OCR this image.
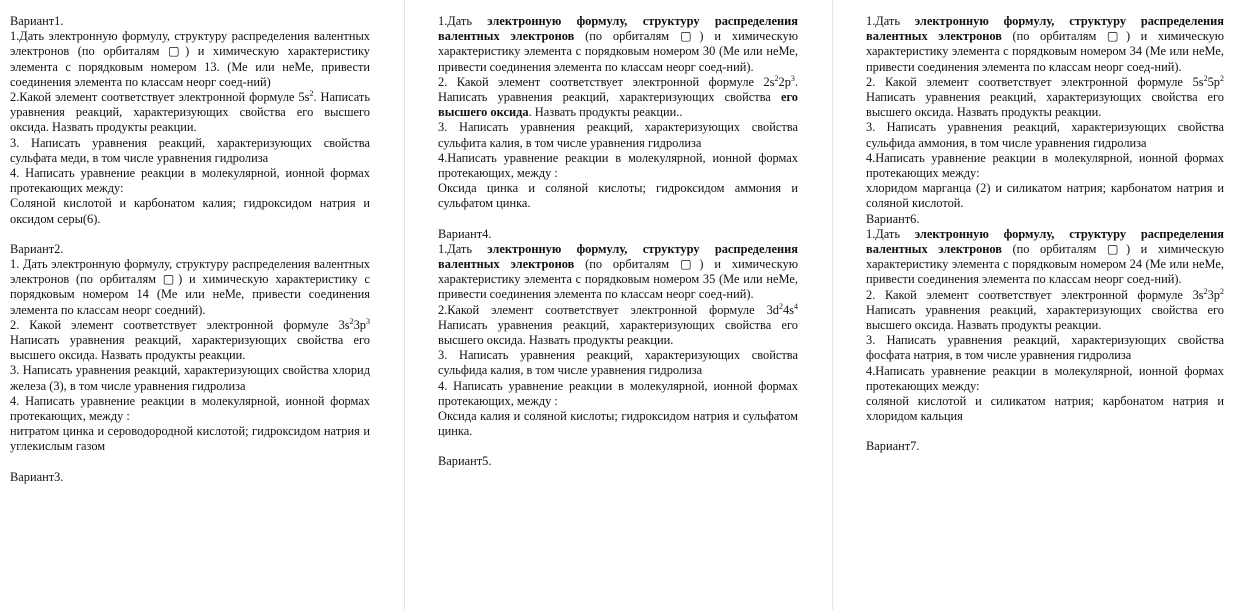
Вариант1.

1.Дать электронную формулу, структуру распределения валентных электронов (по орбиталям ▢) и химическую характеристику элемента с порядковым номером 13. (Ме или неМе, привести соединения элемента по классам неорг соед-ний)

2.Какой элемент соответствует электронной формуле $5s^2$. Написать уравнения реакций, характеризующих свойства его высшего оксида. Назвать продукты реакции.

3. Написать уравнения реакций, характеризующих свойства сульфата меди, в том числе уравнения гидролиза

4. Написать уравнение реакции в молекулярной, ионной формах протекающих между:

Соляной кислотой и карбонатом калия; гидроксидом натрия и оксидом серы(6).

Вариант2.

1. Дать электронную формулу, структуру распределения валентных электронов (по орбиталям ▢) и химическую характеристику с порядковым номером 14 (Ме или неМе, привести соединения элемента по классам неорг соедний).

2. Какой элемент соответствует электронной формуле $3s^23p^3$ Написать уравнения реакций, характеризующих свойства его высшего оксида. Назвать продукты реакции.

3. Написать уравнения реакций, характеризующих свойства хлорид железа (3), в том числе уравнения гидролиза

4. Написать уравнение реакции в молекулярной, ионной формах протекающих, между :

нитратом цинка и сероводородной кислотой; гидроксидом натрия и углекислым газом

Вариант3.

1.Дать электронную формулу, структуру распределения валентных электронов (по орбиталям ▢) и химическую характеристику элемента с порядковым номером 30 (Ме или неМе, привести соединения элемента по классам неорг соед-ний).

2. Какой элемент соответствует электронной формуле $2s^22p^3$. Написать уравнения реакций, характеризующих свойства его высшего оксида. Назвать продукты реакции..

3. Написать уравнения реакций, характеризующих свойства сульфита калия, в том числе уравнения гидролиза

4.Написать уравнение реакции в молекулярной, ионной формах протекающих, между :

Оксида цинка и соляной кислоты; гидроксидом аммония и сульфатом цинка.

Вариант4.

1.Дать электронную формулу, структуру распределения валентных электронов (по орбиталям ▢) и химическую характеристику элемента с порядковым номером 35 (Ме или неМе, привести соединения элемента по классам неорг соед-ний).

2.Какой элемент соответствует электронной формуле $3d^24s^4$ Написать уравнения реакций, характеризующих свойства его высшего оксида. Назвать продукты реакции.

3. Написать уравнения реакций, характеризующих свойства сульфида калия, в том числе уравнения гидролиза

4. Написать уравнение реакции в молекулярной, ионной формах протекающих, между :

Оксида калия и соляной кислоты; гидроксидом натрия и сульфатом цинка.

Вариант5.

1.Дать электронную формулу, структуру распределения валентных электронов (по орбиталям ▢) и химическую характеристику элемента с порядковым номером 34 (Ме или неМе, привести соединения элемента по классам неорг соед-ний).

2. Какой элемент соответствует электронной формуле $5s^25p^2$ Написать уравнения реакций, характеризующих свойства его высшего оксида. Назвать продукты реакции.

3. Написать уравнения реакций, характеризующих свойства сульфида аммония, в том числе уравнения гидролиза

4.Написать уравнение реакции в молекулярной, ионной формах протекающих между:

хлоридом марганца (2) и силикатом натрия; карбонатом натрия и соляной кислотой.

Вариант6.

1.Дать электронную формулу, структуру распределения валентных электронов (по орбиталям ▢) и химическую характеристику элемента с порядковым номером 24 (Ме или неМе, привести соединения элемента по классам неорг соед-ний).

2. Какой элемент соответствует электронной формуле $3s^23p^2$ Написать уравнения реакций, характеризующих свойства его высшего оксида. Назвать продукты реакции.

3. Написать уравнения реакций, характеризующих свойства фосфата натрия, в том числе уравнения гидролиза

4.Написать уравнение реакции в молекулярной, ионной формах протекающих между:

соляной кислотой и силикатом натрия; карбонатом натрия и хлоридом кальция

Вариант7.
